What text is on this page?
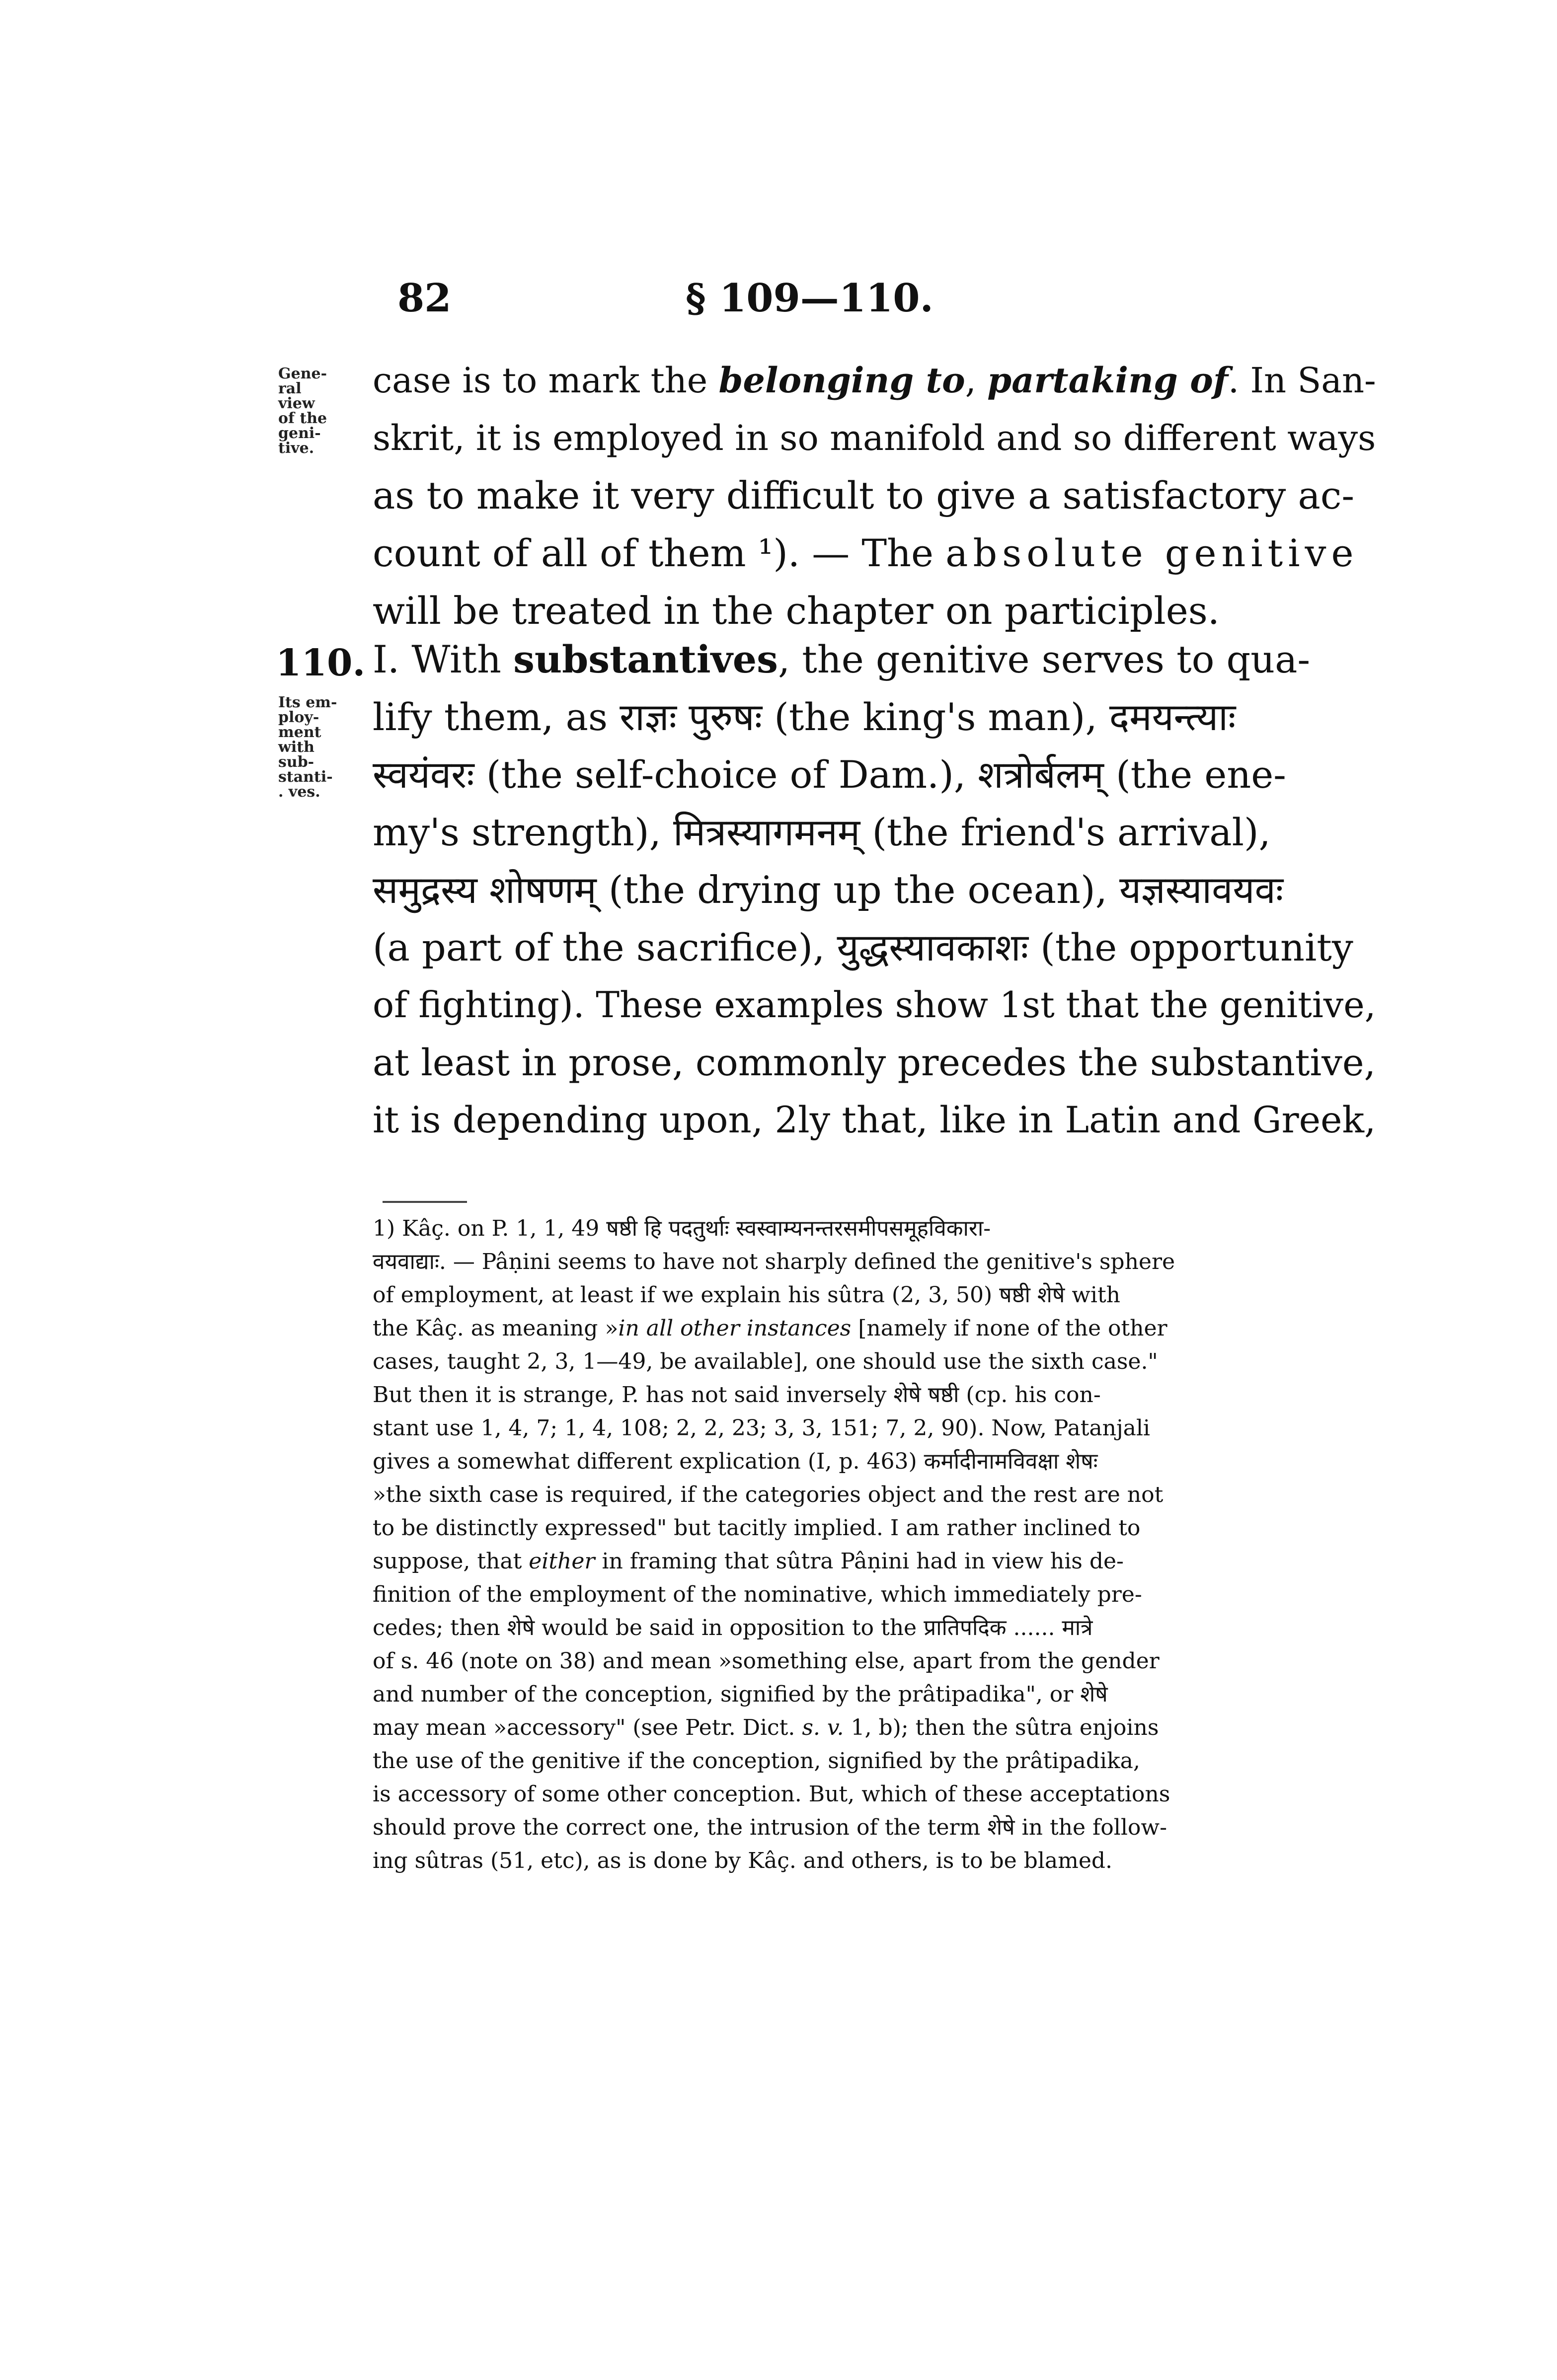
82	§ 109—110.
Gene-
ral
view
of the
geni-
tive.
case is to mark the belonging to, partaking of. In San-
skrit, it is employed in so manifold and so different ways
as to make it very difficult to give a satisfactory ac-
count of all of them ¹). — The absolute genitive
will be treated in the chapter on participles.
110.
Its em-
ploy-
ment
with
sub-
stanti-
. ves.
I. With substantives, the genitive serves to qua-
lify them, as राज्ञः पुरुषः (the king's man), दमयन्त्याः
स्वयंवरः (the self-choice of Dam.), शत्रोर्बलम् (the ene-
my's strength), मित्रस्यागमनम् (the friend's arrival),
समुद्रस्य शोषणम् (the drying up the ocean), यज्ञस्यावयवः
(a part of the sacrifice), युद्धस्यावकाशः (the opportunity
of fighting). These examples show 1st that the genitive,
at least in prose, commonly precedes the substantive,
it is depending upon, 2ly that, like in Latin and Greek,
1) Kâç. on P. 1, 1, 49 षष्ठी हि पदतुर्थाः स्वस्वाम्यनन्तरसमीपसमूहविकारा-
वयवाद्याः. — Pâṇini seems to have not sharply defined the genitive's sphere
of employment, at least if we explain his sûtra (2, 3, 50) षष्ठी शेषे with
the Kâç. as meaning »in all other instances [namely if none of the other
cases, taught 2, 3, 1—49, be available], one should use the sixth case."
But then it is strange, P. has not said inversely शेषे षष्ठी (cp. his con-
stant use 1, 4, 7; 1, 4, 108; 2, 2, 23; 3, 3, 151; 7, 2, 90). Now, Patanjali
gives a somewhat different explication (I, p. 463) कर्मादीनामविवक्षा शेषः
»the sixth case is required, if the categories object and the rest are not
to be distinctly expressed" but tacitly implied. I am rather inclined to
suppose, that either in framing that sûtra Pâṇini had in view his de-
finition of the employment of the nominative, which immediately pre-
cedes; then शेषे would be said in opposition to the प्रातिपदिक ...... मात्रे
of s. 46 (note on 38) and mean »something else, apart from the gender
and number of the conception, signified by the prâtipadika", or शेषे
may mean »accessory" (see Petr. Dict. s. v. 1, b); then the sûtra enjoins
the use of the genitive if the conception, signified by the prâtipadika,
is accessory of some other conception. But, which of these acceptations
should prove the correct one, the intrusion of the term शेषे in the follow-
ing sûtras (51, etc), as is done by Kâç. and others, is to be blamed.
